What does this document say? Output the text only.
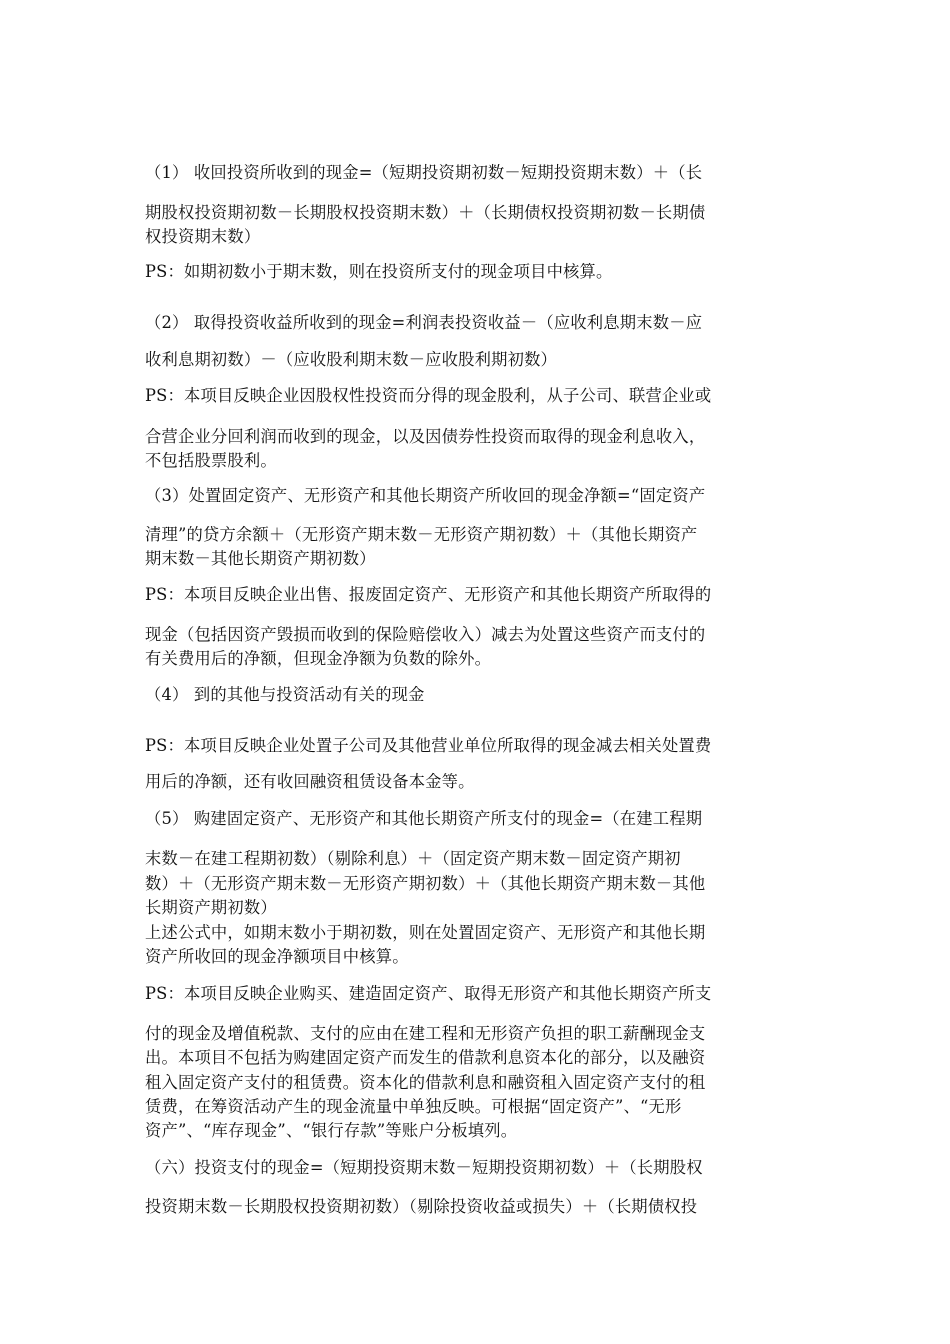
（1） 收回投资所收到的现金=（短期投资期初数－短期投资期末数）＋（长
期股权投资期初数－长期股权投资期末数）＋（长期债权投资期初数－长期债
权投资期末数）
PS：如期初数小于期末数，则在投资所支付的现金项目中核算。
（2） 取得投资收益所收到的现金=利润表投资收益－（应收利息期末数－应
收利息期初数）－（应收股利期末数－应收股利期初数）
PS：本项目反映企业因股权性投资而分得的现金股利，从子公司、联营企业或
合营企业分回利润而收到的现金，以及因债券性投资而取得的现金利息收入，
不包括股票股利。
（3）处置固定资产、无形资产和其他长期资产所收回的现金净额=“固定资产
清理”的贷方余额＋（无形资产期末数－无形资产期初数）＋（其他长期资产
期末数－其他长期资产期初数）
PS：本项目反映企业出售、报废固定资产、无形资产和其他长期资产所取得的
现金（包括因资产毁损而收到的保险赔偿收入）减去为处置这些资产而支付的
有关费用后的净额，但现金净额为负数的除外。
（4） 到的其他与投资活动有关的现金
PS：本项目反映企业处置子公司及其他营业单位所取得的现金减去相关处置费
用后的净额，还有收回融资租赁设备本金等。
（5） 购建固定资产、无形资产和其他长期资产所支付的现金=（在建工程期
末数－在建工程期初数）（剔除利息）＋（固定资产期末数－固定资产期初
数）＋（无形资产期末数－无形资产期初数）＋（其他长期资产期末数－其他
长期资产期初数）
上述公式中，如期末数小于期初数，则在处置固定资产、无形资产和其他长期
资产所收回的现金净额项目中核算。
PS：本项目反映企业购买、建造固定资产、取得无形资产和其他长期资产所支
付的现金及增值税款、支付的应由在建工程和无形资产负担的职工薪酬现金支
出。本项目不包括为购建固定资产而发生的借款利息资本化的部分，以及融资
租入固定资产支付的租赁费。资本化的借款利息和融资租入固定资产支付的租
赁费，在筹资活动产生的现金流量中单独反映。可根据“固定资产”、“无形
资产”、“库存现金”、“银行存款”等账户分板填列。
（六）投资支付的现金=（短期投资期末数－短期投资期初数）＋（长期股权
投资期末数－长期股权投资期初数）（剔除投资收益或损失）＋（长期债权投
